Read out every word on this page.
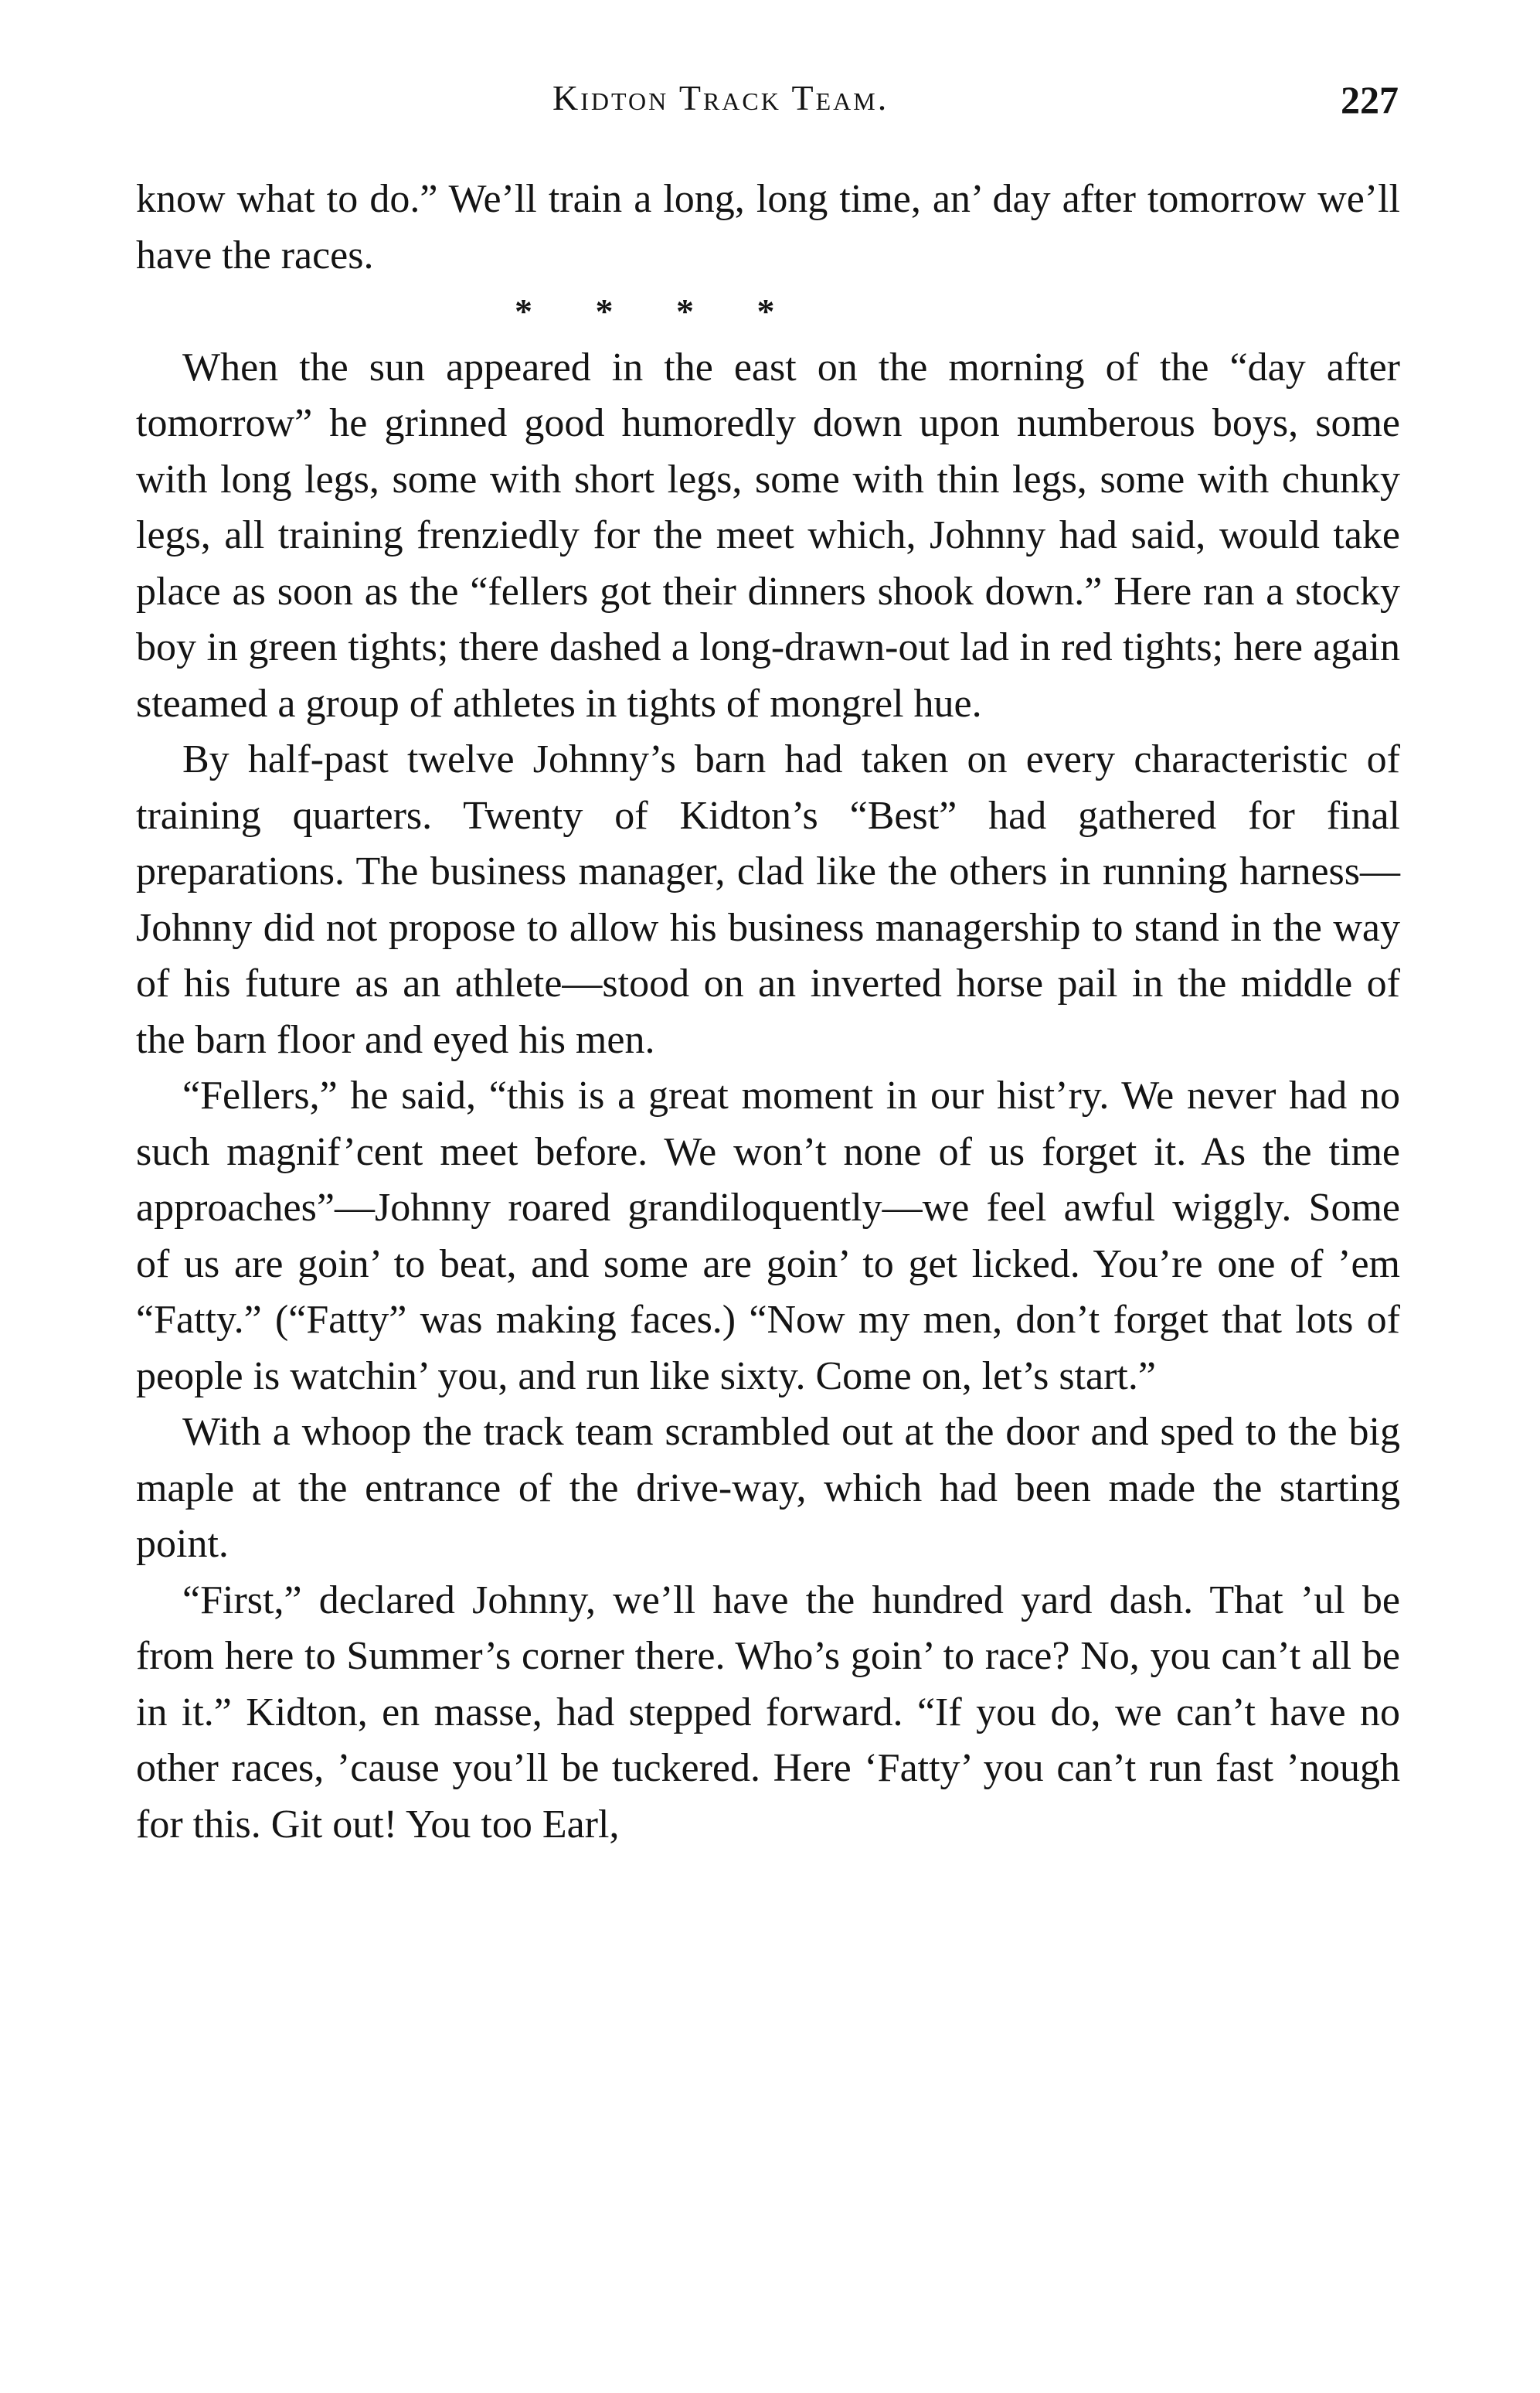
Kidton Track Team.	227

know what to do.” We’ll train a long, long time, an’ day after tomorrow we’ll have the races.

* * * *

When the sun appeared in the east on the morning of the “day after tomorrow” he grinned good humoredly down upon numberous boys, some with long legs, some with short legs, some with thin legs, some with chunky legs, all training frenziedly for the meet which, Johnny had said, would take place as soon as the “fellers got their dinners shook down.” Here ran a stocky boy in green tights; there dashed a long-drawn-out lad in red tights; here again steamed a group of athletes in tights of mongrel hue.

By half-past twelve Johnny’s barn had taken on every characteristic of training quarters. Twenty of Kidton’s “Best” had gathered for final preparations. The business manager, clad like the others in running harness—Johnny did not propose to allow his business managership to stand in the way of his future as an athlete—stood on an inverted horse pail in the middle of the barn floor and eyed his men.

“Fellers,” he said, “this is a great moment in our hist’ry. We never had no such magnif’cent meet before. We won’t none of us forget it. As the time approaches”—Johnny roared grandiloquently—we feel awful wiggly. Some of us are goin’ to beat, and some are goin’ to get licked. You’re one of ’em “Fatty.” (“Fatty” was making faces.) “Now my men, don’t forget that lots of people is watchin’ you, and run like sixty. Come on, let’s start.”

With a whoop the track team scrambled out at the door and sped to the big maple at the entrance of the drive-way, which had been made the starting point.

“First,” declared Johnny, we’ll have the hundred yard dash. That ’ul be from here to Summer’s corner there. Who’s goin’ to race? No, you can’t all be in it.” Kidton, en masse, had stepped forward. “If you do, we can’t have no other races, ’cause you’ll be tuckered. Here ‘Fatty’ you can’t run fast ’nough for this. Git out! You too Earl,
